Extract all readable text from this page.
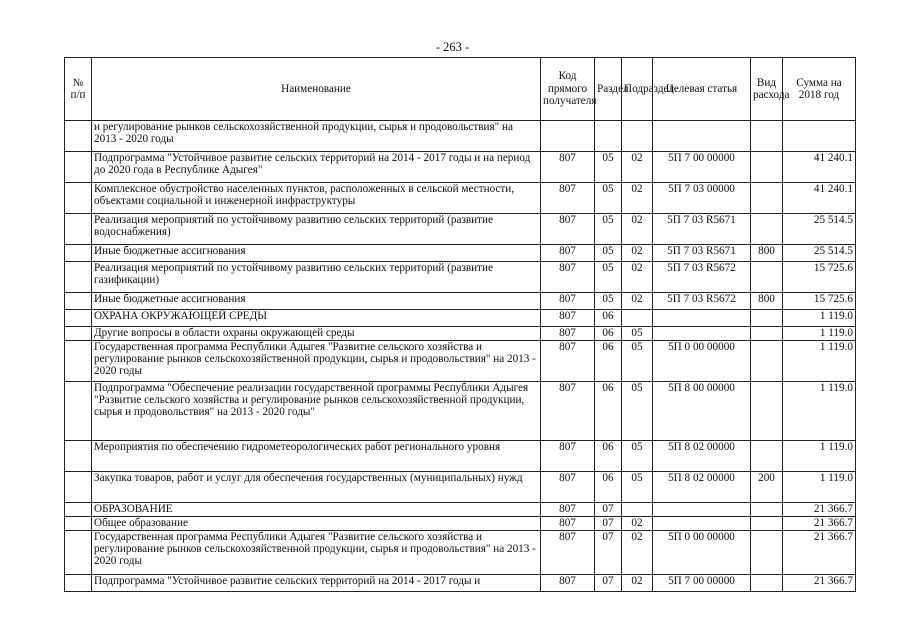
- 263 -
№ п/п	Наименование	Код прямого получателя	Раздел	Подраздел	Целевая статья	Вид расхода	Сумма на 2018 год
	и регулирование рынков сельскохозяйственной продукции, сырья и продовольствия" на 2013 - 2020 годы						
	Подпрограмма "Устойчивое развитие сельских территорий на 2014 - 2017 годы и на период до 2020 года в Республике Адыгея"	807	05	02	5П 7 00 00000		41 240.1
	Комплексное обустройство населенных пунктов, расположенных в сельской местности, объектами социальной и инженерной инфраструктуры	807	05	02	5П 7 03 00000		41 240.1
	Реализация мероприятий по устойчивому развитию сельских территорий (развитие водоснабжения)	807	05	02	5П 7 03 R5671		25 514.5
	Иные бюджетные ассигнования	807	05	02	5П 7 03 R5671	800	25 514.5
	Реализация мероприятий по устойчивому развитию сельских территорий (развитие газификации)	807	05	02	5П 7 03 R5672		15 725.6
	Иные бюджетные ассигнования	807	05	02	5П 7 03 R5672	800	15 725.6
	ОХРАНА ОКРУЖАЮЩЕЙ СРЕДЫ	807	06				1 119.0
	Другие вопросы в области охраны окружающей среды	807	06	05			1 119.0
	Государственная программа Республики Адыгея "Развитие сельского хозяйства и регулирование рынков сельскохозяйственной продукции, сырья и продовольствия" на 2013 - 2020 годы	807	06	05	5П 0 00 00000		1 119.0
	Подпрограмма "Обеспечение реализации государственной программы Республики Адыгея "Развитие сельского хозяйства и регулирование рынков сельскохозяйственной продукции, сырья и продовольствия" на 2013 - 2020 годы"	807	06	05	5П 8 00 00000		1 119.0
	Мероприятия по обеспечению гидрометеорологических работ регионального уровня	807	06	05	5П 8 02 00000		1 119.0
	Закупка товаров, работ и услуг для обеспечения государственных (муниципальных) нужд	807	06	05	5П 8 02 00000	200	1 119.0
	ОБРАЗОВАНИЕ	807	07				21 366.7
	Общее образование	807	07	02			21 366.7
	Государственная программа Республики Адыгея "Развитие сельского хозяйства и регулирование рынков сельскохозяйственной продукции, сырья и продовольствия" на 2013 - 2020 годы	807	07	02	5П 0 00 00000		21 366.7
	Подпрограмма "Устойчивое развитие сельских территорий на 2014 - 2017 годы и	807	07	02	5П 7 00 00000		21 366.7
